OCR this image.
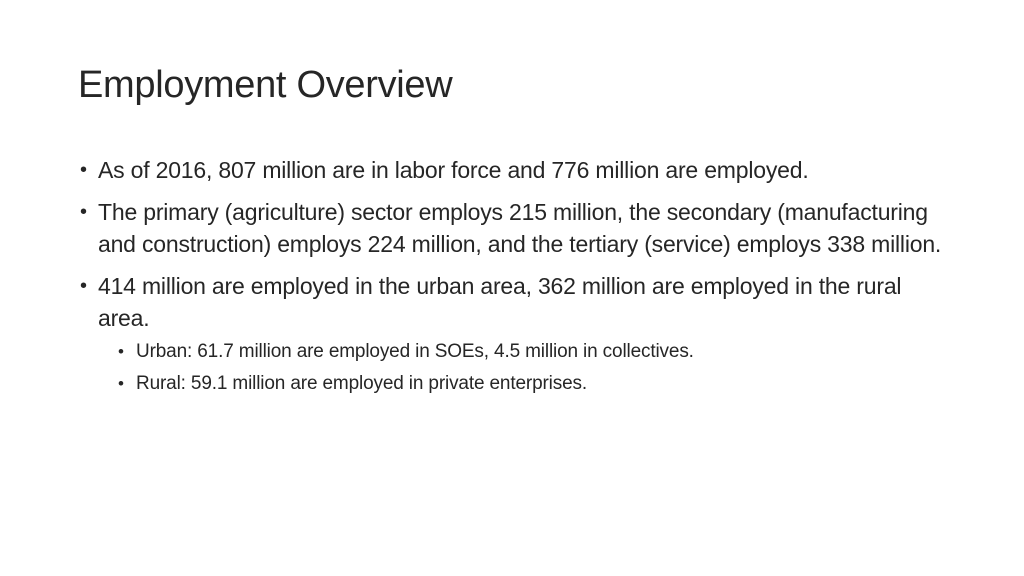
Employment Overview
• As of 2016, 807 million are in labor force and 776 million are employed.
• The primary (agriculture) sector employs 215 million, the secondary (manufacturing and construction) employs 224 million, and the tertiary (service) employs 338 million.
• 414 million are employed in the urban area, 362 million are employed in the rural area.
• Urban: 61.7 million are employed in SOEs, 4.5 million in collectives.
• Rural: 59.1 million are employed in private enterprises.
